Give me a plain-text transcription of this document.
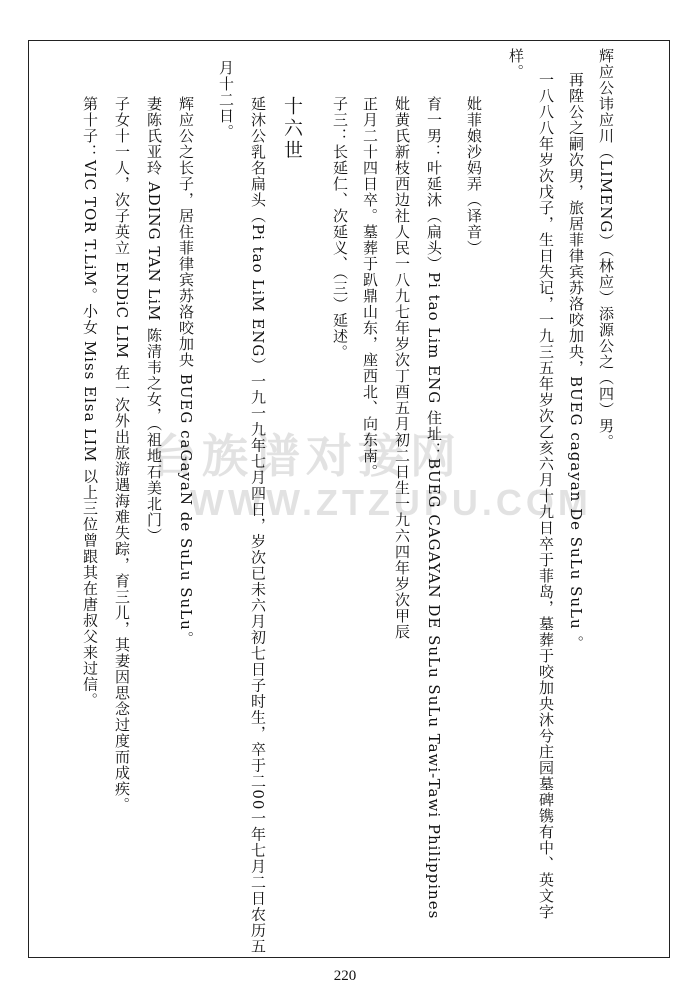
台族谱对接网
WWW.ZTZUPU.COM
辉应公讳应川（LIMENG）（林应）添源公之（四）男。
再陞公之嗣次男，旅居菲律宾苏洛咬加央，BUEG cagayan De SuLu SuLu 。
一八八八年岁次戊子，生日失记，一九三五年岁次乙亥六月十九日卒于菲岛，墓葬于咬加央沐兮庄园墓碑镌有中、英文字
样。
妣菲娘沙妈弄（译音）
育一男：叶延沐（扁头）Pi tao Lim ENG 住址：BUEG CAGAYAN DE SuLu SuLu Tawi-Tawi Philippines
妣黄氏新枝西边社人民一八九七年岁次丁酉五月初二日生一九六四年岁次甲辰
正月二十四日卒。墓葬于趴鼎山东，座西北、向东南。
子三：长延仁、次延义、（三）延述。
十六世
延沐公乳名扁头（Pi tao LiM ENG）一九一九年七月四日，岁次已未六月初七日子时生，卒于二00一年七月二日农历五
月十二日。
辉应公之长子，居住菲律宾苏洛咬加央 BUEG caGayaN de SuLu SuLu。
妻陈氏亚玲 ADING TAN LiM 陈清韦之女，（祖地石美北门）
子女十一人，次子英立 ENDiC LIM 在一次外出旅游遇海难失踪，育三儿，其妻因思念过度而成疾。
第十子：VIC TOR T.LiM。小女 Miss Elsa LIM 以上三位曾跟其在唐叔父来过信。
220
